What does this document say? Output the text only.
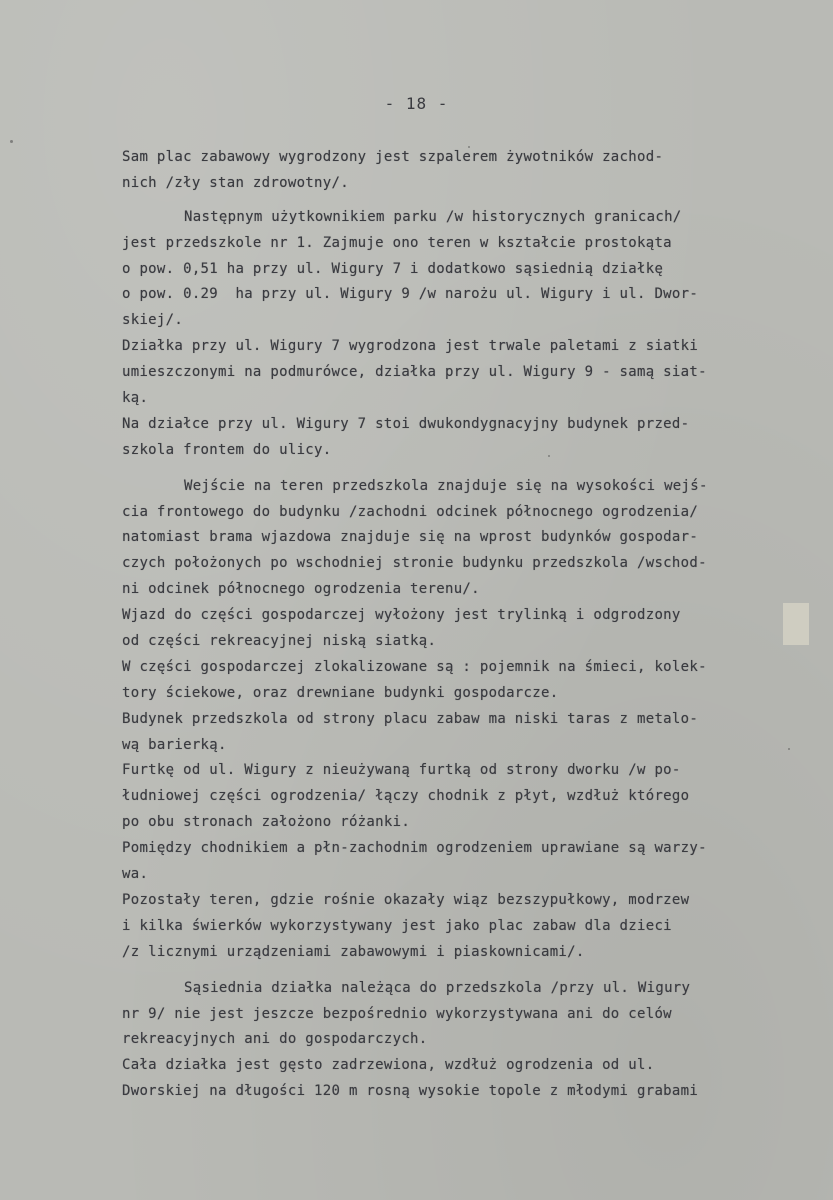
- 18 -
Sam plac zabawowy wygrodzony jest szpalerem żywotników zachod-
nich /zły stan zdrowotny/.
Następnym użytkownikiem parku /w historycznych granicach/
jest przedszkole nr 1. Zajmuje ono teren w kształcie prostokąta
o pow. 0,51 ha przy ul. Wigury 7 i dodatkowo sąsiednią działkę
o pow. 0.29  ha przy ul. Wigury 9 /w narożu ul. Wigury i ul. Dwor-
skiej/.
Działka przy ul. Wigury 7 wygrodzona jest trwale paletami z siatki
umieszczonymi na podmurówce, działka przy ul. Wigury 9 - samą siat-
ką.
Na działce przy ul. Wigury 7 stoi dwukondygnacyjny budynek przed-
szkola frontem do ulicy.
Wejście na teren przedszkola znajduje się na wysokości wejś-
cia frontowego do budynku /zachodni odcinek północnego ogrodzenia/
natomiast brama wjazdowa znajduje się na wprost budynków gospodar-
czych położonych po wschodniej stronie budynku przedszkola /wschod-
ni odcinek północnego ogrodzenia terenu/.
Wjazd do części gospodarczej wyłożony jest trylinką i odgrodzony
od części rekreacyjnej niską siatką.
W części gospodarczej zlokalizowane są : pojemnik na śmieci, kolek-
tory ściekowe, oraz drewniane budynki gospodarcze.
Budynek przedszkola od strony placu zabaw ma niski taras z metalo-
wą barierką.
Furtkę od ul. Wigury z nieużywaną furtką od strony dworku /w po-
łudniowej części ogrodzenia/ łączy chodnik z płyt, wzdłuż którego
po obu stronach założono różanki.
Pomiędzy chodnikiem a płn-zachodnim ogrodzeniem uprawiane są warzy-
wa.
Pozostały teren, gdzie rośnie okazały wiąz bezszypułkowy, modrzew
i kilka świerków wykorzystywany jest jako plac zabaw dla dzieci
/z licznymi urządzeniami zabawowymi i piaskownicami/.
Sąsiednia działka należąca do przedszkola /przy ul. Wigury
nr 9/ nie jest jeszcze bezpośrednio wykorzystywana ani do celów
rekreacyjnych ani do gospodarczych.
Cała działka jest gęsto zadrzewiona, wzdłuż ogrodzenia od ul.
Dworskiej na długości 120 m rosną wysokie topole z młodymi grabami
